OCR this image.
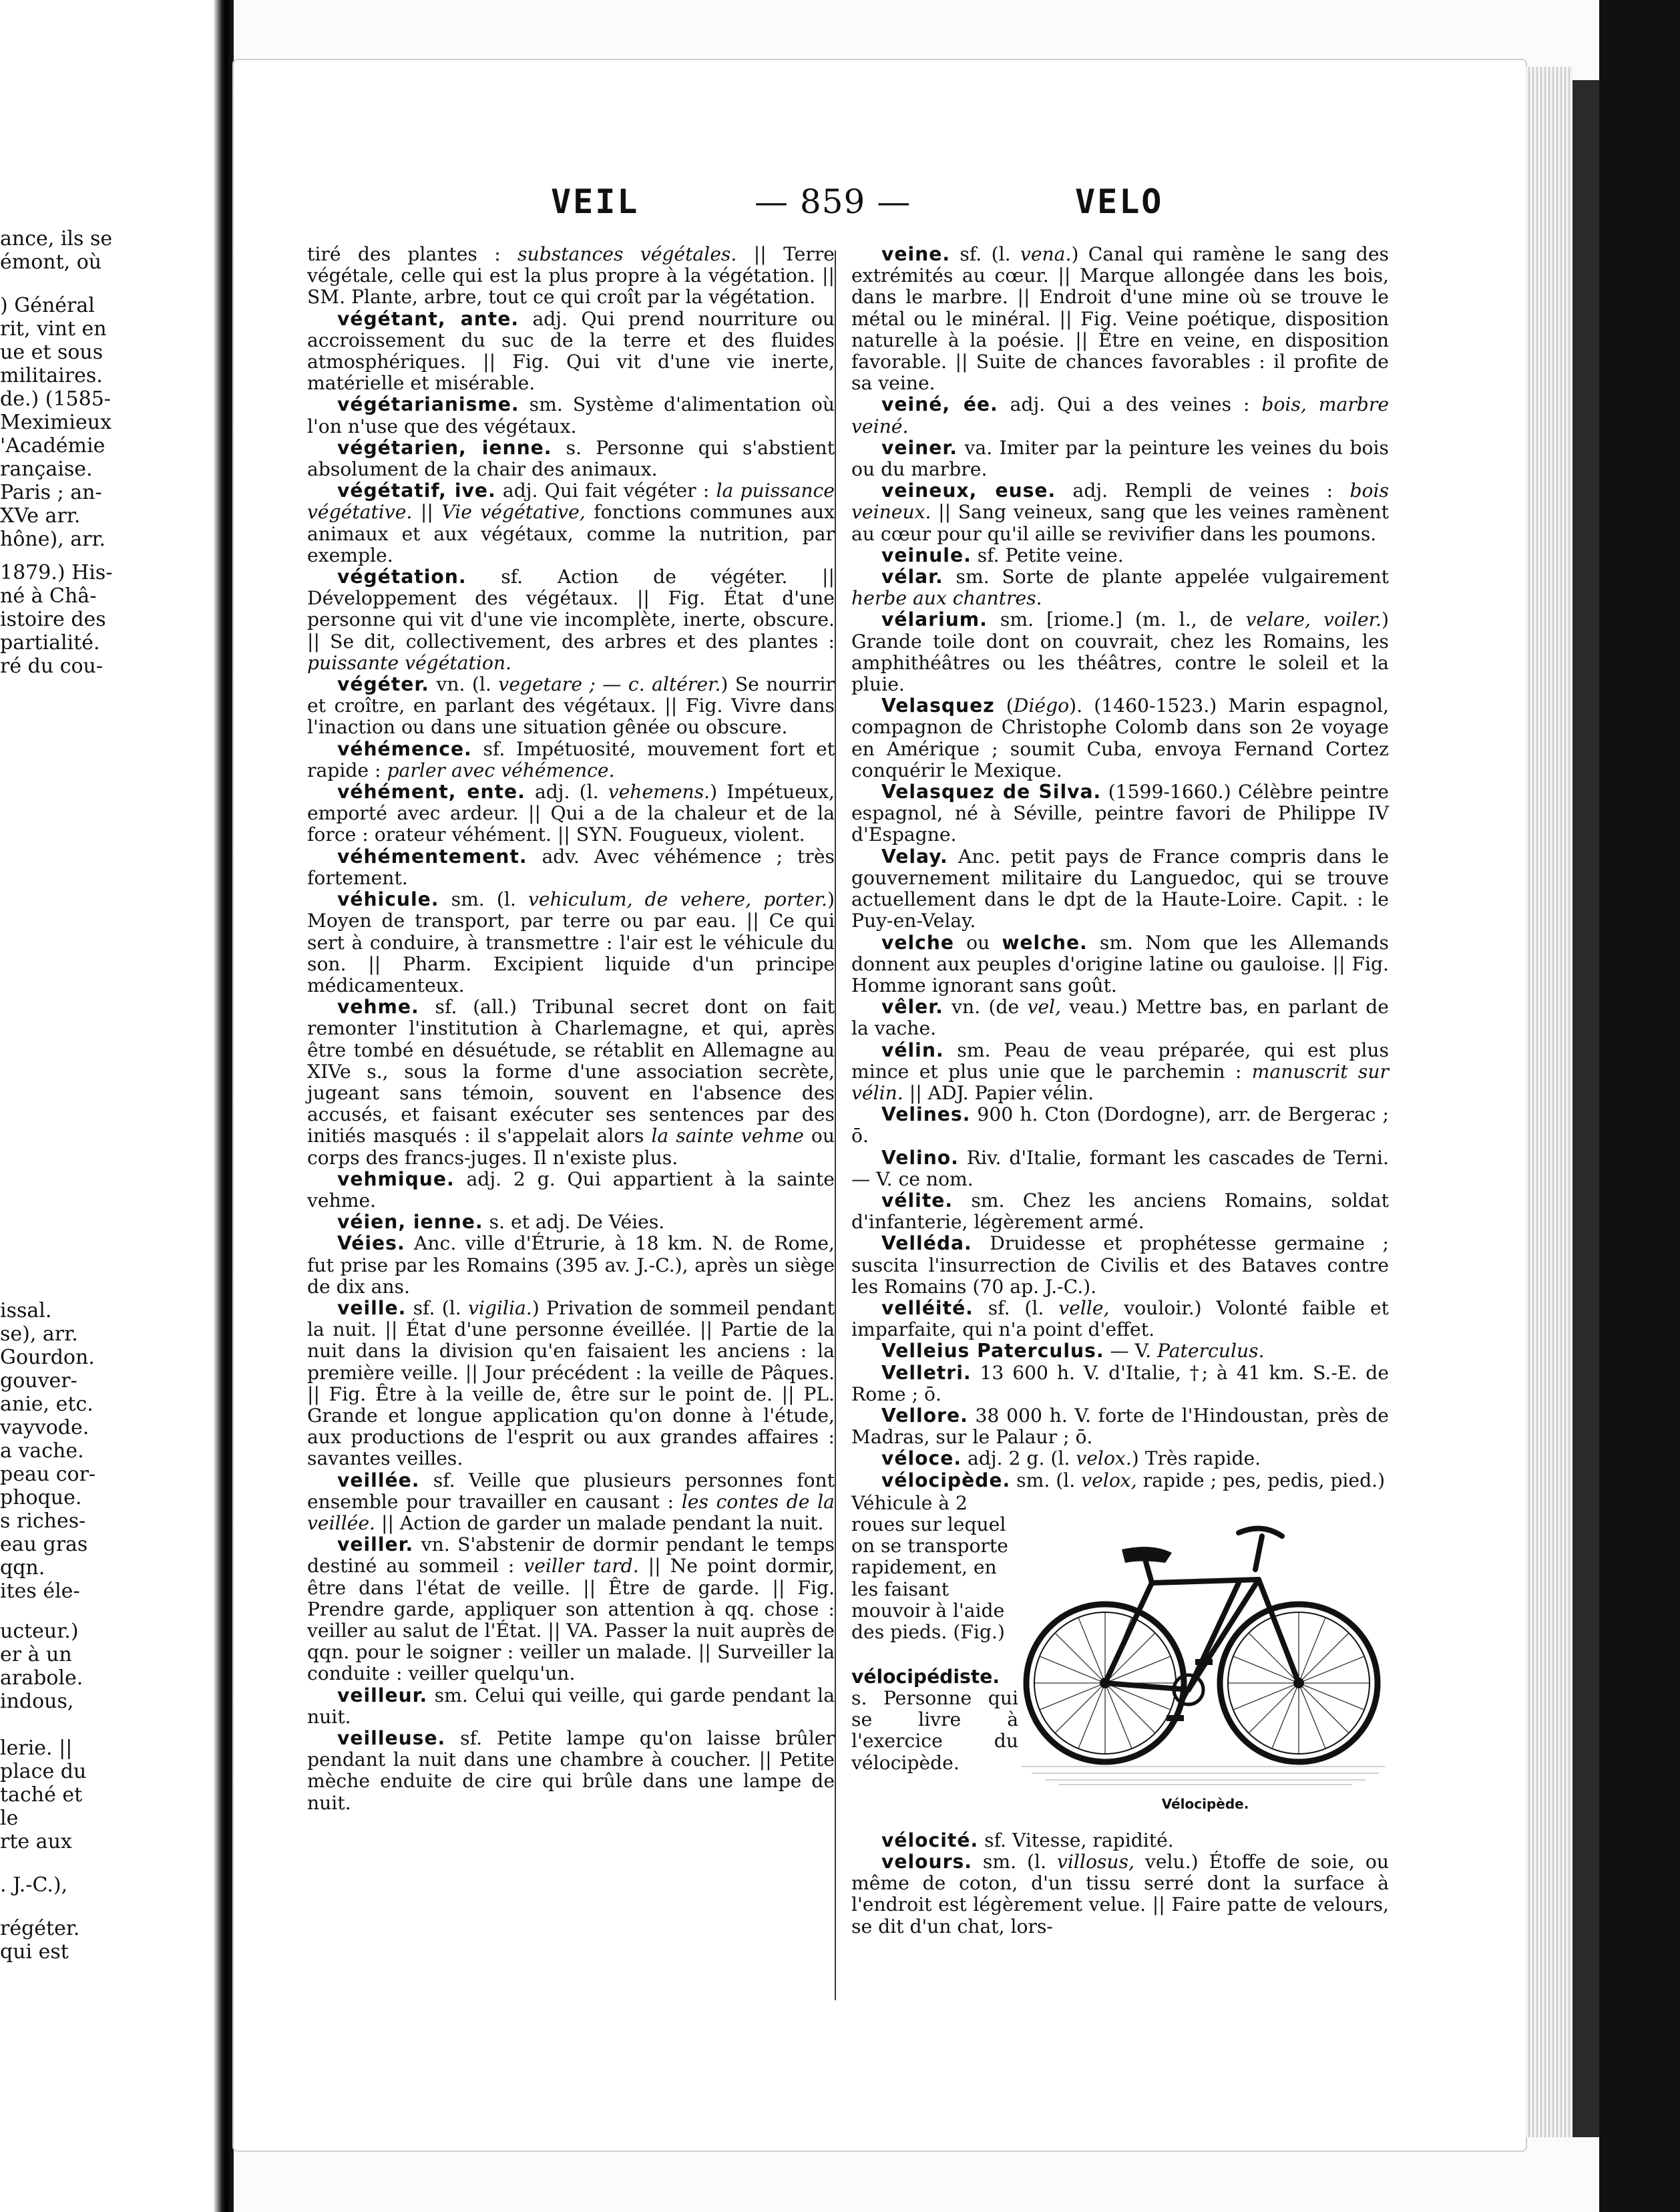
ance, ils se
émont, où
) Général
rit, vint en
ue et sous
militaires.
de.) (1585-
Meximieux
'Académie
rançaise.
Paris ; an-
XVe arr.
hône), arr.
1879.) His-
né à Châ-
istoire des
partialité.
ré du cou-
issal.
se), arr.
Gourdon.
gouver-
anie, etc.
vayvode.
a vache.
peau cor-
phoque.
s riches-
eau gras
qqn.
ites éle-
ucteur.)
er à un
arabole.
indous,
lerie. ||
place du
taché et
le
rte aux
. J.-C.),
régéter.
qui est
VEIL	— 859 —	VELO

tiré des plantes : substances végétales. || Terre végétale, celle qui est la plus propre à la végétation. || SM. Plante, arbre, tout ce qui croît par la végétation.

végétant, ante. adj. Qui prend nourriture ou accroissement du suc de la terre et des fluides atmosphériques. || Fig. Qui vit d'une vie inerte, matérielle et misérable.

végétarianisme. sm. Système d'alimentation où l'on n'use que des végétaux.

végétarien, ienne. s. Personne qui s'abstient absolument de la chair des animaux.

végétatif, ive. adj. Qui fait végéter : la puissance végétative. || Vie végétative, fonctions communes aux animaux et aux végétaux, comme la nutrition, par exemple.

végétation. sf. Action de végéter. || Développement des végétaux. || Fig. État d'une personne qui vit d'une vie incomplète, inerte, obscure. || Se dit, collectivement, des arbres et des plantes : puissante végétation.

végéter. vn. (l. vegetare ; — c. altérer.) Se nourrir et croître, en parlant des végétaux. || Fig. Vivre dans l'inaction ou dans une situation gênée ou obscure.

véhémence. sf. Impétuosité, mouvement fort et rapide : parler avec véhémence.

véhément, ente. adj. (l. vehemens.) Impétueux, emporté avec ardeur. || Qui a de la chaleur et de la force : orateur véhément. || SYN. Fougueux, violent.

véhémentement. adv. Avec véhémence ; très fortement.

véhicule. sm. (l. vehiculum, de vehere, porter.) Moyen de transport, par terre ou par eau. || Ce qui sert à conduire, à transmettre : l'air est le véhicule du son. || Pharm. Excipient liquide d'un principe médicamenteux.

vehme. sf. (all.) Tribunal secret dont on fait remonter l'institution à Charlemagne, et qui, après être tombé en désuétude, se rétablit en Allemagne au XIVe s., sous la forme d'une association secrète, jugeant sans témoin, souvent en l'absence des accusés, et faisant exécuter ses sentences par des initiés masqués : il s'appelait alors la sainte vehme ou corps des francs-juges. Il n'existe plus.

vehmique. adj. 2 g. Qui appartient à la sainte vehme.

véien, ienne. s. et adj. De Véies.

Véies. Anc. ville d'Étrurie, à 18 km. N. de Rome, fut prise par les Romains (395 av. J.-C.), après un siège de dix ans.

veille. sf. (l. vigilia.) Privation de sommeil pendant la nuit. || État d'une personne éveillée. || Partie de la nuit dans la division qu'en faisaient les anciens : la première veille. || Jour précédent : la veille de Pâques. || Fig. Être à la veille de, être sur le point de. || PL. Grande et longue application qu'on donne à l'étude, aux productions de l'esprit ou aux grandes affaires : savantes veilles.

veillée. sf. Veille que plusieurs personnes font ensemble pour travailler en causant : les contes de la veillée. || Action de garder un malade pendant la nuit.

veiller. vn. S'abstenir de dormir pendant le temps destiné au sommeil : veiller tard. || Ne point dormir, être dans l'état de veille. || Être de garde. || Fig. Prendre garde, appliquer son attention à qq. chose : veiller au salut de l'État. || VA. Passer la nuit auprès de qqn. pour le soigner : veiller un malade. || Surveiller la conduite : veiller quelqu'un.

veilleur. sm. Celui qui veille, qui garde pendant la nuit.

veilleuse. sf. Petite lampe qu'on laisse brûler pendant la nuit dans une chambre à coucher. || Petite mèche enduite de cire qui brûle dans une lampe de nuit.

veine. sf. (l. vena.) Canal qui ramène le sang des extrémités au cœur. || Marque allongée dans les bois, dans le marbre. || Endroit d'une mine où se trouve le métal ou le minéral. || Fig. Veine poétique, disposition naturelle à la poésie. || Être en veine, en disposition favorable. || Suite de chances favorables : il profite de sa veine.

veiné, ée. adj. Qui a des veines : bois, marbre veiné.

veiner. va. Imiter par la peinture les veines du bois ou du marbre.

veineux, euse. adj. Rempli de veines : bois veineux. || Sang veineux, sang que les veines ramènent au cœur pour qu'il aille se revivifier dans les poumons.

veinule. sf. Petite veine.

vélar. sm. Sorte de plante appelée vulgairement herbe aux chantres.

vélarium. sm. [riome.] (m. l., de velare, voiler.) Grande toile dont on couvrait, chez les Romains, les amphithéâtres ou les théâtres, contre le soleil et la pluie.

Velasquez (Diégo). (1460-1523.) Marin espagnol, compagnon de Christophe Colomb dans son 2e voyage en Amérique ; soumit Cuba, envoya Fernand Cortez conquérir le Mexique.

Velasquez de Silva. (1599-1660.) Célèbre peintre espagnol, né à Séville, peintre favori de Philippe IV d'Espagne.

Velay. Anc. petit pays de France compris dans le gouvernement militaire du Languedoc, qui se trouve actuellement dans le dpt de la Haute-Loire. Capit. : le Puy-en-Velay.

velche ou welche. sm. Nom que les Allemands donnent aux peuples d'origine latine ou gauloise. || Fig. Homme ignorant sans goût.

vêler. vn. (de vel, veau.) Mettre bas, en parlant de la vache.

vélin. sm. Peau de veau préparée, qui est plus mince et plus unie que le parchemin : manuscrit sur vélin. || ADJ. Papier vélin.

Velines. 900 h. Cton (Dordogne), arr. de Bergerac ; ō.

Velino. Riv. d'Italie, formant les cascades de Terni. — V. ce nom.

vélite. sm. Chez les anciens Romains, soldat d'infanterie, légèrement armé.

Velléda. Druidesse et prophétesse germaine ; suscita l'insurrection de Civilis et des Bataves contre les Romains (70 ap. J.-C.).

velléité. sf. (l. velle, vouloir.) Volonté faible et imparfaite, qui n'a point d'effet.

Velleius Paterculus. — V. Paterculus.

Velletri. 13 600 h. V. d'Italie, †; à 41 km. S.-E. de Rome ; ō.

Vellore. 38 000 h. V. forte de l'Hindoustan, près de Madras, sur le Palaur ; ō.

véloce. adj. 2 g. (l. velox.) Très rapide.

vélocipède. sm. (l. velox, rapide ; pes, pedis, pied.)

Véhicule à 2 roues sur lequel on se transporte rapidement, en les faisant mouvoir à l'aide des pieds. (Fig.)
vélocipédiste. s. Personne qui se livre à l'exercice du vélocipède.
Vélocipède.

vélocité. sf. Vitesse, rapidité.

velours. sm. (l. villosus, velu.) Étoffe de soie, ou même de coton, d'un tissu serré dont la surface à l'endroit est légèrement velue. || Faire patte de velours, se dit d'un chat, lors-
